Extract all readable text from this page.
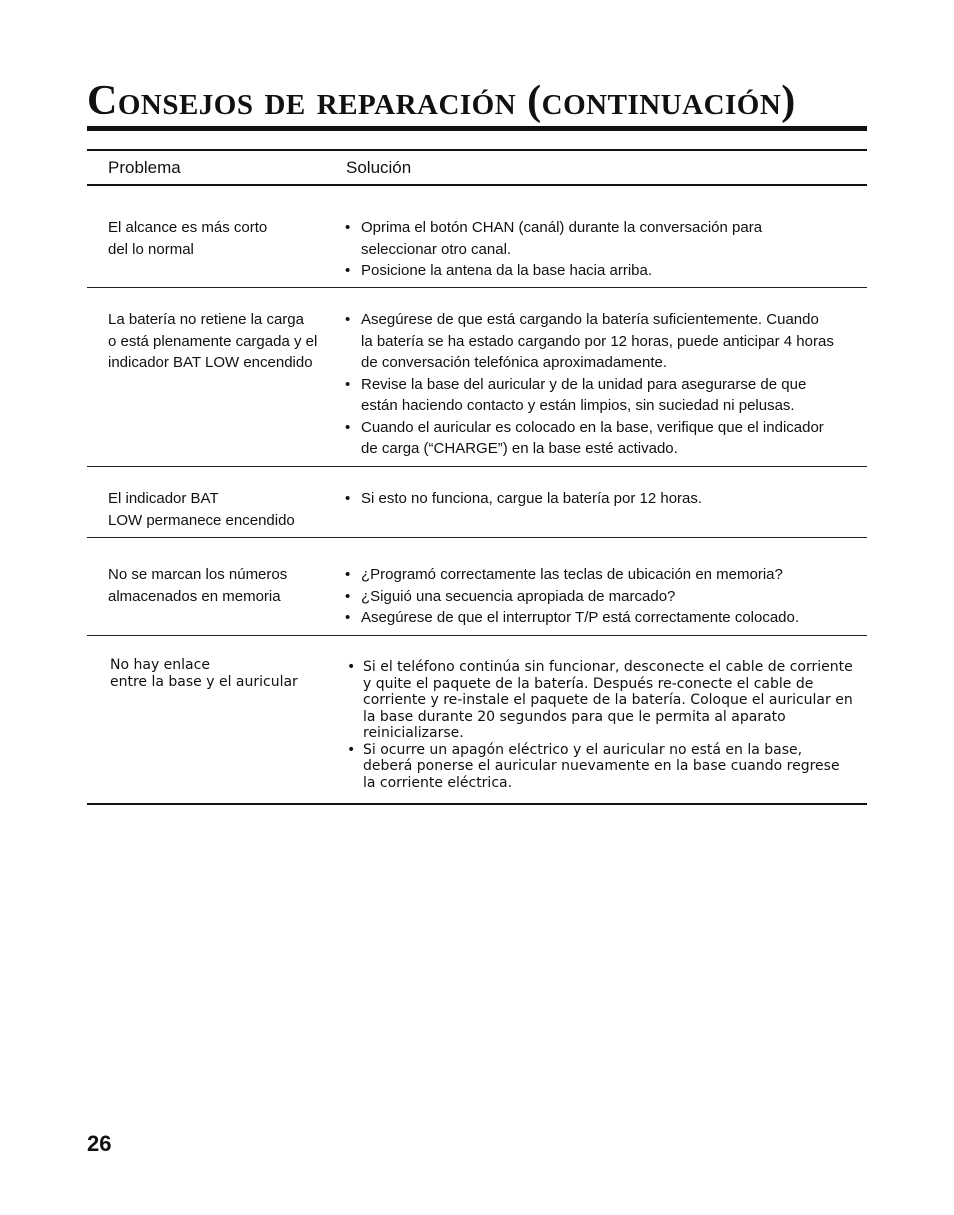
Consejos de reparación (continuación)
Problema	Solución
El alcance es más corto
del lo normal
• Oprima el botón CHAN (canál) durante la conversación para
seleccionar otro canal.
• Posicione la antena da la base hacia arriba.
La batería no retiene la carga
o está plenamente cargada y el
indicador BAT LOW encendido
• Asegúrese de que está cargando la batería suficientemente. Cuando
la batería se ha estado cargando por 12 horas, puede anticipar 4 horas
de conversación telefónica aproximadamente.
• Revise la base del auricular y de la unidad para asegurarse de que
están haciendo contacto y están limpios, sin suciedad ni pelusas.
• Cuando el auricular es colocado en la base, verifique que el indicador
de carga (“CHARGE”) en la base esté activado.
El indicador BAT
LOW permanece encendido
• Si esto no funciona, cargue la batería por 12 horas.
No se marcan los números
almacenados en memoria
• ¿Programó correctamente las teclas de ubicación en memoria?
• ¿Siguió una secuencia apropiada de marcado?
• Asegúrese de que el interruptor T/P está correctamente colocado.
No hay enlace
entre la base y el auricular
• Si el teléfono continúa sin funcionar, desconecte el cable de corriente
y quite el paquete de la batería. Después re-conecte el cable de
corriente y re-instale el paquete de la batería. Coloque el auricular en
la base durante 20 segundos para que le permita al aparato
reinicializarse.
• Si ocurre un apagón eléctrico y el auricular no está en la base,
deberá ponerse el auricular nuevamente en la base cuando regrese
la corriente eléctrica.
26
